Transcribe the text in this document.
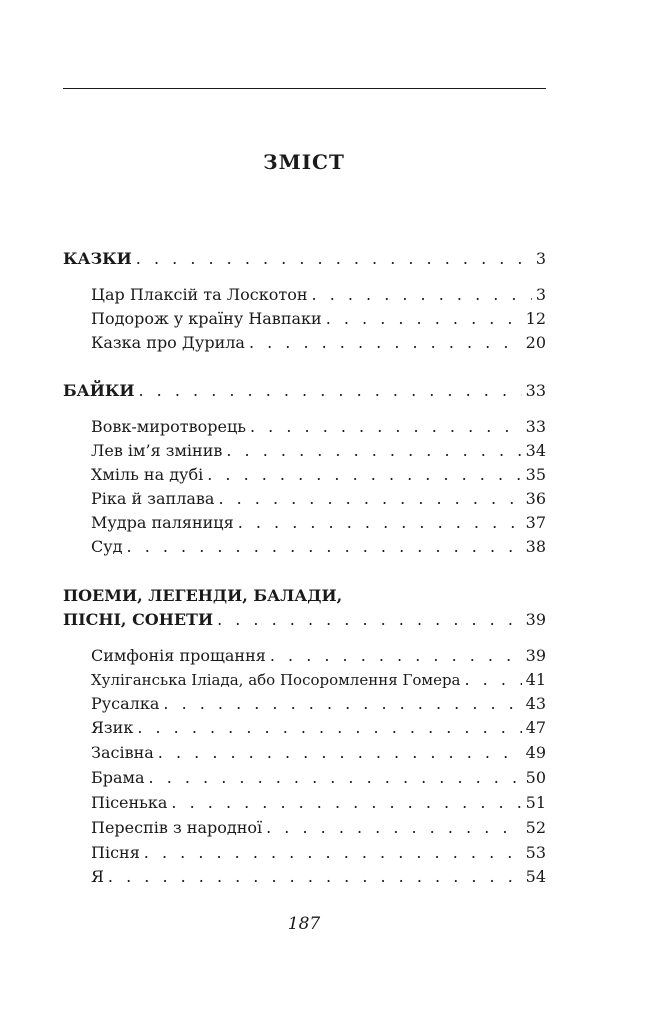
ЗМІСТ
КАЗКИ . . .	3
Цар Плаксій та Лоскотон . . .	3
Подорож у країну Навпаки . . .	12
Казка про Дурила . . .	20
БАЙКИ . . .	33
Вовк-миротворець . . .	33
Лев ім’я змінив . . .	34
Хміль на дубі . . .	35
Ріка й заплава . . .	36
Мудра паляниця . . .	37
Суд . . .	38
ПОЕМИ, ЛЕГЕНДИ, БАЛАДИ,
ПІСНІ, СОНЕТИ . . .	39
Симфонія прощання . . .	39
Хуліганська Іліада, або Посоромлення Гомера . . .	41
Русалка . . .	43
Язик . . .	47
Засівна . . .	49
Брама . . .	50
Пісенька . . .	51
Переспів з народної . . .	52
Пісня . . .	53
Я . . .	54
187
